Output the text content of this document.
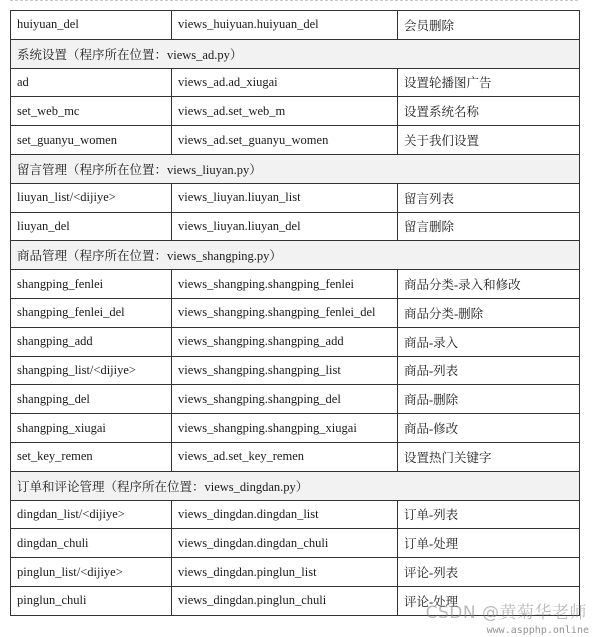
huiyuan_del	views_huiyuan.huiyuan_del	会员删除
系统设置（程序所在位置：views_ad.py）		
ad	views_ad.ad_xiugai	设置轮播图广告
set_web_mc	views_ad.set_web_m	设置系统名称
set_guanyu_women	views_ad.set_guanyu_women	关于我们设置
留言管理（程序所在位置：views_liuyan.py）		
liuyan_list/<dijiye>	views_liuyan.liuyan_list	留言列表
liuyan_del	views_liuyan.liuyan_del	留言删除
商品管理（程序所在位置：views_shangping.py）		
shangping_fenlei	views_shangping.shangping_fenlei	商品分类-录入和修改
shangping_fenlei_del	views_shangping.shangping_fenlei_del	商品分类-删除
shangping_add	views_shangping.shangping_add	商品-录入
shangping_list/<dijiye>	views_shangping.shangping_list	商品-列表
shangping_del	views_shangping.shangping_del	商品-删除
shangping_xiugai	views_shangping.shangping_xiugai	商品-修改
set_key_remen	views_ad.set_key_remen	设置热门关键字
订单和评论管理（程序所在位置：views_dingdan.py）		
dingdan_list/<dijiye>	views_dingdan.dingdan_list	订单-列表
dingdan_chuli	views_dingdan.dingdan_chuli	订单-处理
pinglun_list/<dijiye>	views_dingdan.pinglun_list	评论-列表
pinglun_chuli	views_dingdan.pinglun_chuli	评论-处理
CSDN @黄菊华老师
www.aspphp.online
